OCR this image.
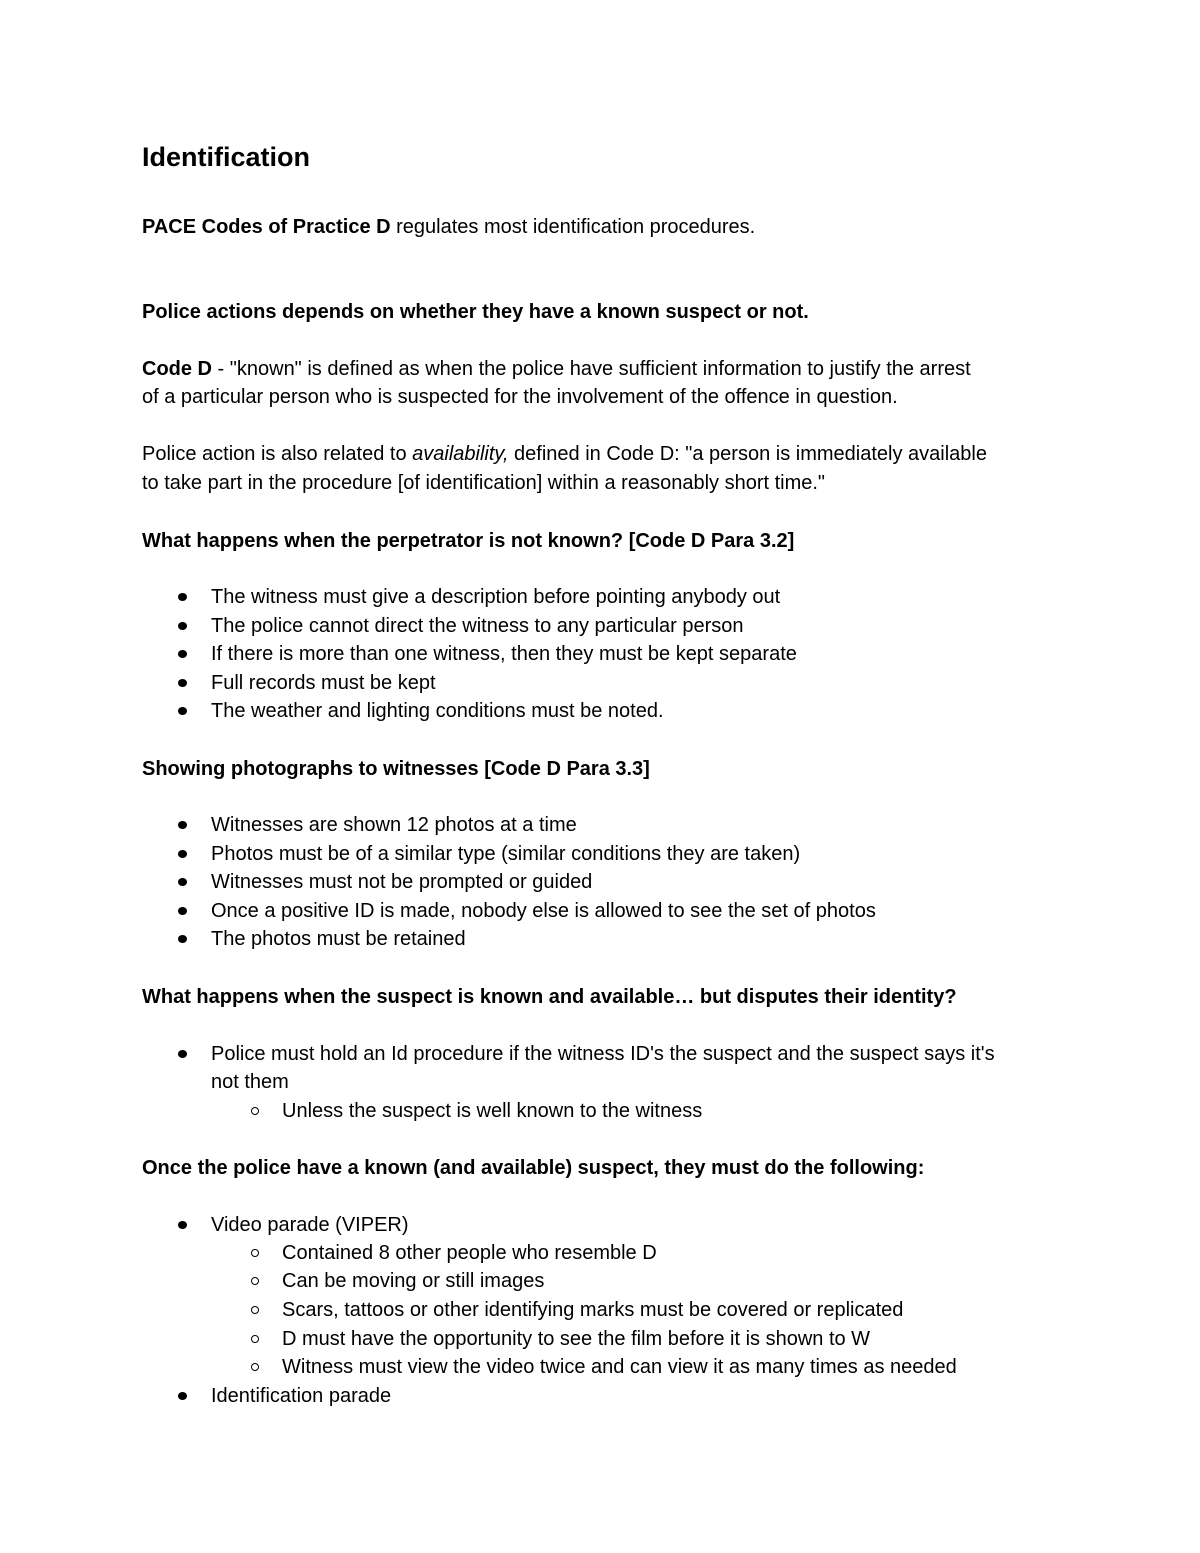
Identification
PACE Codes of Practice D regulates most identification procedures.
Police actions depends on whether they have a known suspect or not.
Code D - "known" is defined as when the police have sufficient information to justify the arrest
of a particular person who is suspected for the involvement of the offence in question.
Police action is also related to availability, defined in Code D: "a person is immediately available
to take part in the procedure [of identification] within a reasonably short time."
What happens when the perpetrator is not known? [Code D Para 3.2]
The witness must give a description before pointing anybody out
The police cannot direct the witness to any particular person
If there is more than one witness, then they must be kept separate
Full records must be kept
The weather and lighting conditions must be noted.
Showing photographs to witnesses [Code D Para 3.3]
Witnesses are shown 12 photos at a time
Photos must be of a similar type (similar conditions they are taken)
Witnesses must not be prompted or guided
Once a positive ID is made, nobody else is allowed to see the set of photos
The photos must be retained
What happens when the suspect is known and available… but disputes their identity?
Police must hold an Id procedure if the witness ID's the suspect and the suspect says it's
not them
Unless the suspect is well known to the witness
Once the police have a known (and available) suspect, they must do the following:
Video parade (VIPER)
Contained 8 other people who resemble D
Can be moving or still images
Scars, tattoos or other identifying marks must be covered or replicated
D must have the opportunity to see the film before it is shown to W
Witness must view the video twice and can view it as many times as needed
Identification parade
